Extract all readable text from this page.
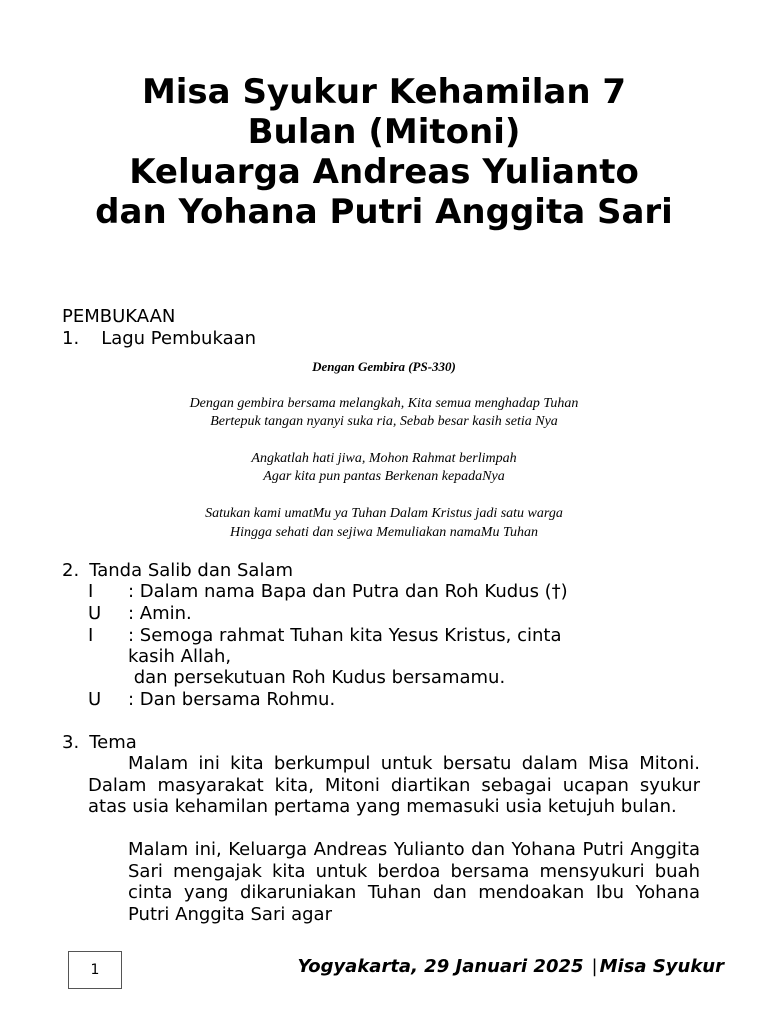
Misa Syukur Kehamilan 7
Bulan (Mitoni)
Keluarga Andreas Yulianto
dan Yohana Putri Anggita Sari
PEMBUKAAN
1. Lagu Pembukaan
Dengan Gembira (PS-330)
Dengan gembira bersama melangkah, Kita semua menghadap Tuhan
Bertepuk tangan nyanyi suka ria, Sebab besar kasih setia Nya
Angkatlah hati jiwa, Mohon Rahmat berlimpah
Agar kita pun pantas Berkenan kepadaNya
Satukan kami umatMu ya Tuhan Dalam Kristus jadi satu warga
Hingga sehati dan sejiwa Memuliakan namaMu Tuhan
2. Tanda Salib dan Salam
I : Dalam nama Bapa dan Putra dan Roh Kudus (†)
U : Amin.
I : Semoga rahmat Tuhan kita Yesus Kristus, cinta
kasih Allah,
dan persekutuan Roh Kudus bersamamu.
U : Dan bersama Rohmu.
3. Tema
Malam ini kita berkumpul untuk bersatu dalam Misa Mitoni. Dalam masyarakat kita, Mitoni diartikan sebagai ucapan syukur atas usia kehamilan pertama yang memasuki usia ketujuh bulan.
Malam ini, Keluarga Andreas Yulianto dan Yohana Putri Anggita Sari mengajak kita untuk berdoa bersama mensyukuri buah cinta yang dikaruniakan Tuhan dan mendoakan Ibu Yohana Putri Anggita Sari agar
1	Yogyakarta, 29 Januari 2025 | Misa Syukur
